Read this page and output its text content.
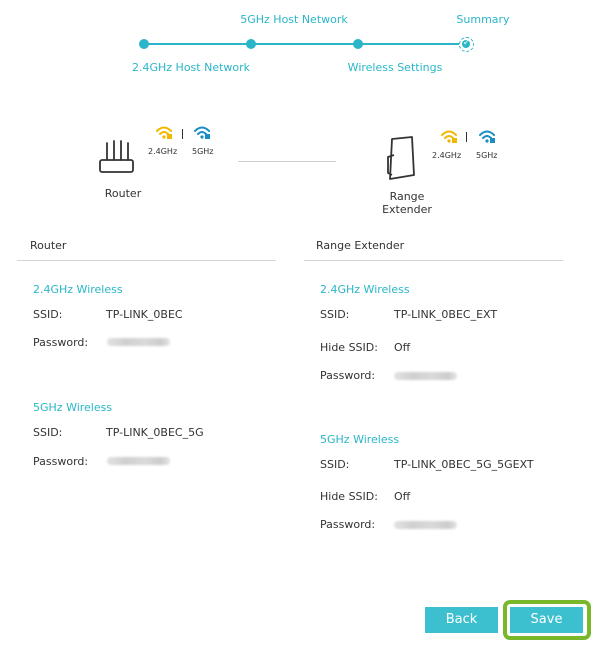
✓
2.4GHz Host Network
5GHz Host Network
Wireless Settings
Summary
Router
2.4GHz 5GHz
Range
Extender
2.4GHz 5GHz
Router
2.4GHz Wireless
SSID:	TP-LINK_0BEC
Password:
5GHz Wireless
SSID:	TP-LINK_0BEC_5G
Password:
Range Extender
2.4GHz Wireless
SSID:	TP-LINK_0BEC_EXT
Hide SSID: Off
Password:
5GHz Wireless
SSID:	TP-LINK_0BEC_5G_5GEXT
Hide SSID: Off
Password:
Back	Save
